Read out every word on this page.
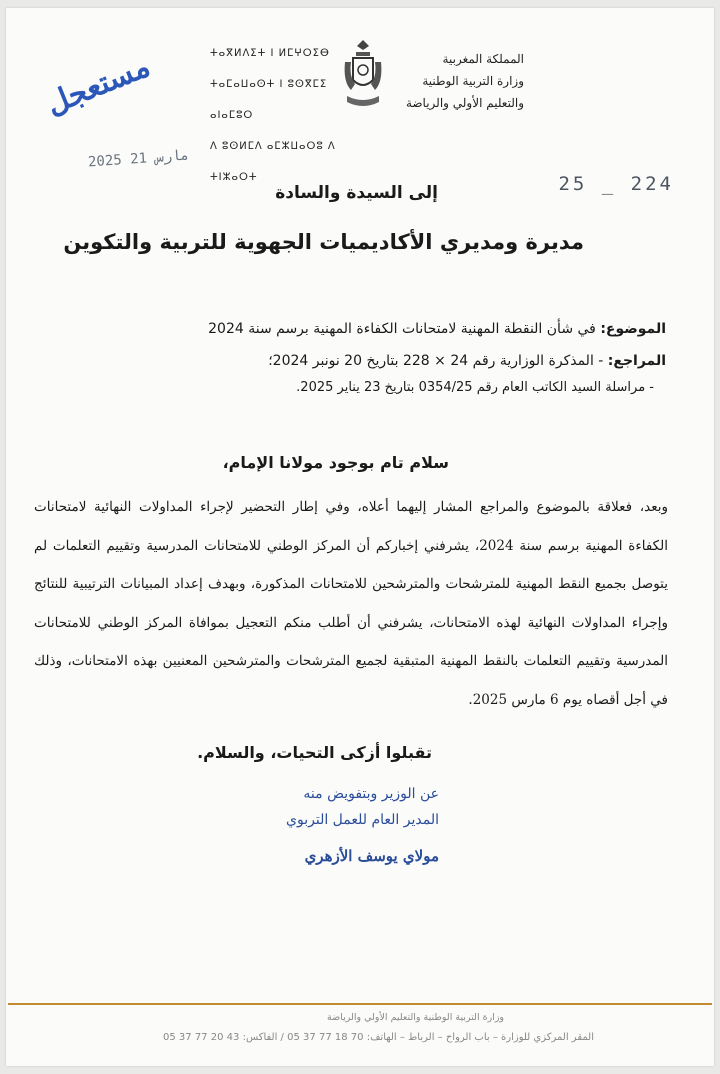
المملكة المغربية
وزارة التربية الوطنية
والتعليم الأولي والرياضة
ⵜⴰⴳⵍⴷⵉⵜ ⵏ ⵍⵎⵖⵔⵉⴱ
ⵜⴰⵎⴰⵡⴰⵙⵜ ⵏ ⵓⵙⴳⵎⵉ ⴰⵏⴰⵎⵓⵔ
ⴷ ⵓⵙⵍⵎⴷ ⴰⵎⵣⵡⴰⵔⵓ ⴷ ⵜⵏⵣⴰⵔⵜ
مستعجل
2025 مارس 21
25 _ 224
إلى السيدة والسادة
مديرة ومديري الأكاديميات الجهوية للتربية والتكوين
الموضوع: في شأن النقطة المهنية لامتحانات الكفاءة المهنية برسم سنة 2024
المراجع: - المذكرة الوزارية رقم 24 × 228 بتاريخ 20 نونبر 2024؛
- مراسلة السيد الكاتب العام رقم 0354/25 بتاريخ 23 يناير 2025.
سلام تام بوجود مولانا الإمام،
وبعد، فعلاقة بالموضوع والمراجع المشار إليهما أعلاه، وفي إطار التحضير لإجراء المداولات النهائية لامتحانات الكفاءة المهنية برسم سنة 2024، يشرفني إخباركم أن المركز الوطني للامتحانات المدرسية وتقييم التعلمات لم يتوصل بجميع النقط المهنية للمترشحات والمترشحين للامتحانات المذكورة، وبهدف إعداد المبيانات الترتيبية للنتائج وإجراء المداولات النهائية لهذه الامتحانات، يشرفني أن أطلب منكم التعجيل بموافاة المركز الوطني للامتحانات المدرسية وتقييم التعلمات بالنقط المهنية المتبقية لجميع المترشحات والمترشحين المعنيين بهذه الامتحانات، وذلك في أجل أقصاه يوم 6 مارس 2025.
تقبلوا أزكى التحيات، والسلام.
عن الوزير وبتفويض منه
المدير العام للعمل التربوي
مولاي يوسف الأزهري
وزارة التربية الوطنية والتعليم الأولي والرياضة
المقر المركزي للوزارة – باب الرواح – الرباط – الهاتف: 70 18 77 37 05 / الفاكس: 43 20 77 37 05
